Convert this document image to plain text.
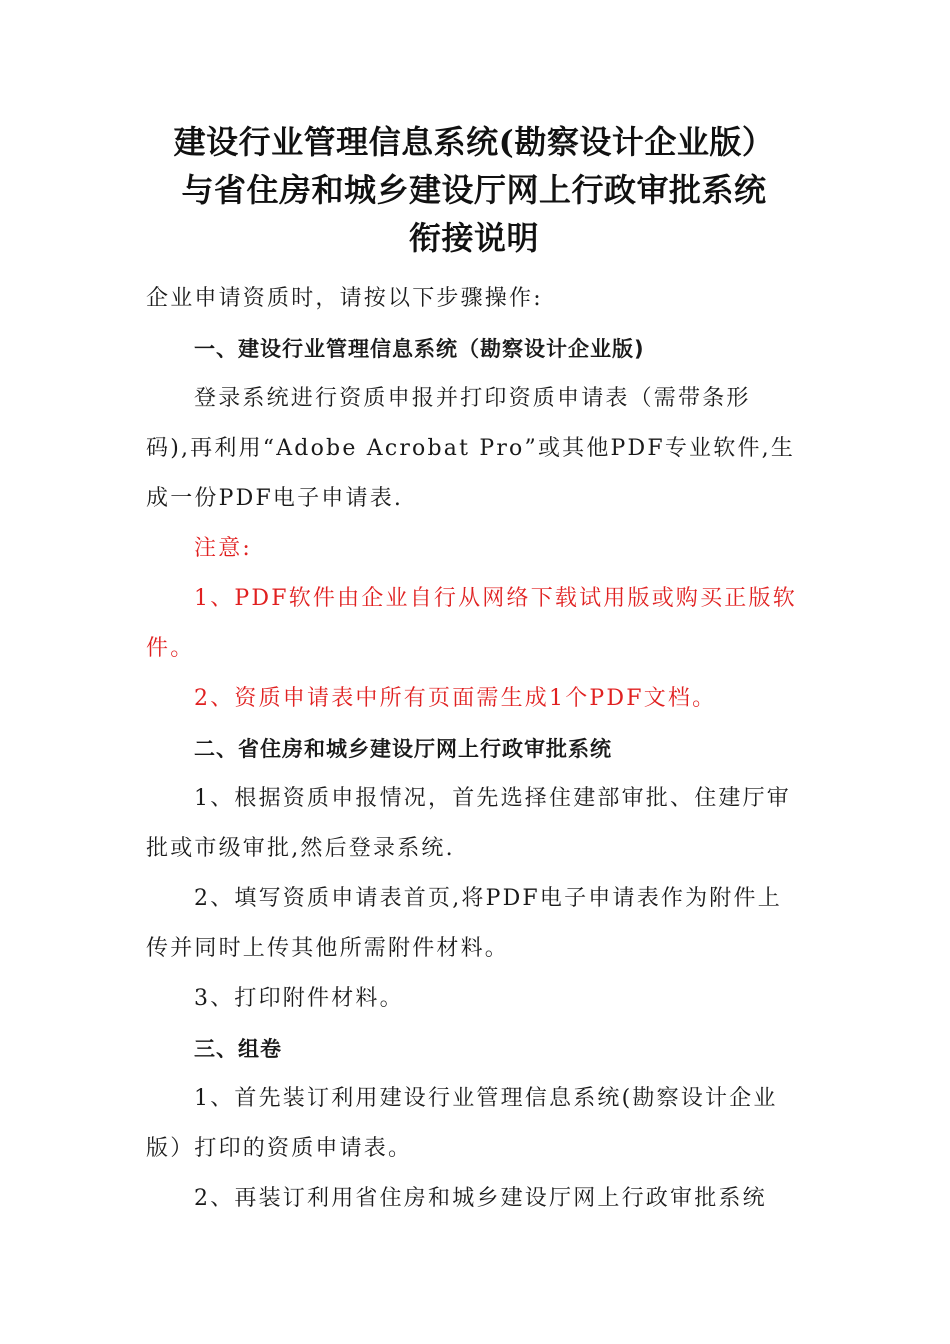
建设行业管理信息系统(勘察设计企业版）
与省住房和城乡建设厅网上行政审批系统
衔接说明

企业申请资质时，请按以下步骤操作:

一、建设行业管理信息系统（勘察设计企业版)

登录系统进行资质申报并打印资质申请表（需带条形

码),再利用“Adobe Acrobat Pro”或其他PDF专业软件,生

成一份PDF电子申请表.

注意:

1、PDF软件由企业自行从网络下载试用版或购买正版软

件。

2、资质申请表中所有页面需生成1个PDF文档。

二、省住房和城乡建设厅网上行政审批系统

1、根据资质申报情况，首先选择住建部审批、住建厅审

批或市级审批,然后登录系统.

2、填写资质申请表首页,将PDF电子申请表作为附件上

传并同时上传其他所需附件材料。

3、打印附件材料。

三、组卷

1、首先装订利用建设行业管理信息系统(勘察设计企业

版）打印的资质申请表。

2、再装订利用省住房和城乡建设厅网上行政审批系统
